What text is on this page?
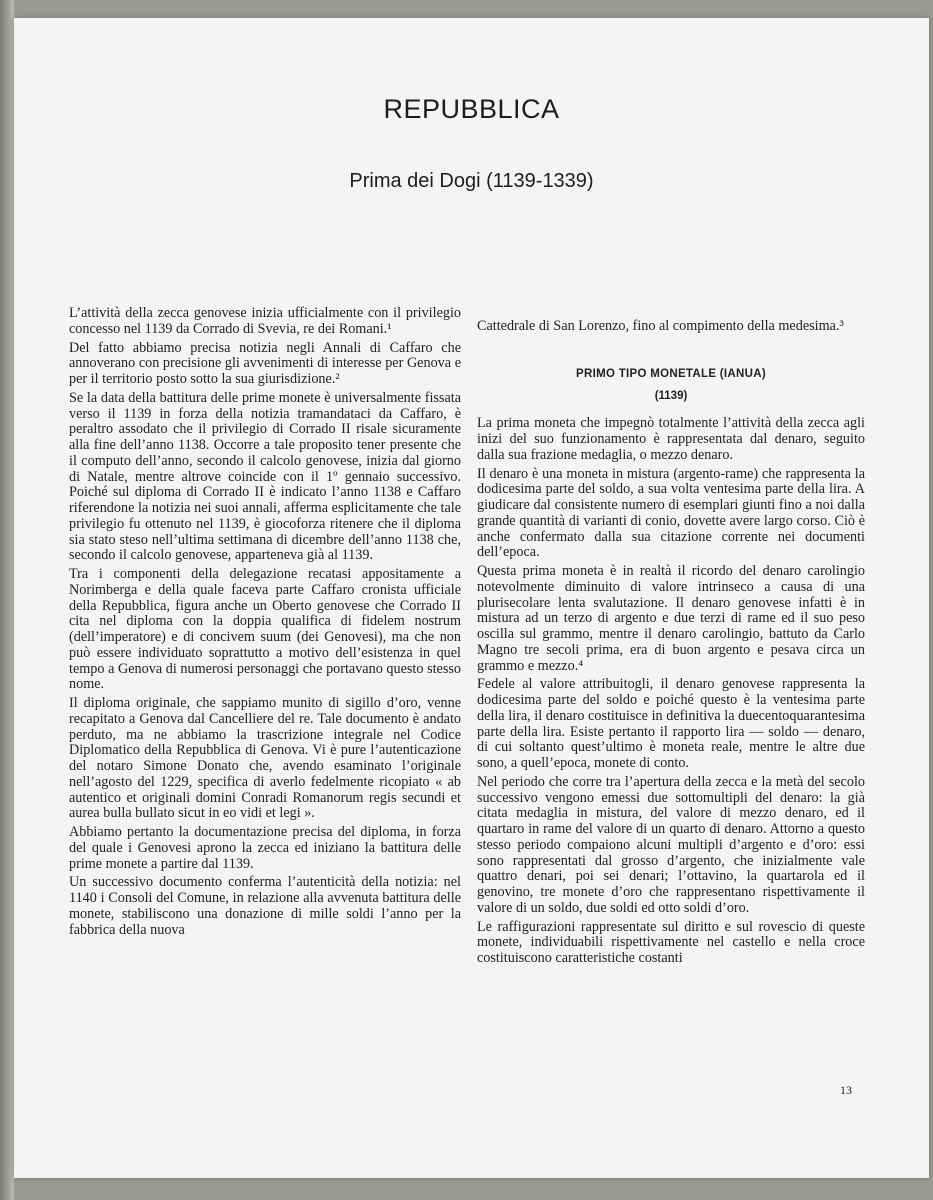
REPUBBLICA
Prima dei Dogi (1139-1339)

L’attività della zecca genovese inizia ufficialmente con il privilegio concesso nel 1139 da Corrado di Svevia, re dei Romani.¹

Del fatto abbiamo precisa notizia negli Annali di Caffaro che annoverano con precisione gli avvenimenti di interesse per Genova e per il territorio posto sotto la sua giurisdizione.²

Se la data della battitura delle prime monete è universalmente fissata verso il 1139 in forza della notizia tramandataci da Caffaro, è peraltro assodato che il privilegio di Corrado II risale sicuramente alla fine dell’anno 1138. Occorre a tale proposito tener presente che il computo dell’anno, secondo il calcolo genovese, inizia dal giorno di Natale, mentre altrove coincide con il 1º gennaio successivo. Poiché sul diploma di Corrado II è indicato l’anno 1138 e Caffaro riferendone la notizia nei suoi annali, afferma esplicitamente che tale privilegio fu ottenuto nel 1139, è giocoforza ritenere che il diploma sia stato steso nell’ultima settimana di dicembre dell’anno 1138 che, secondo il calcolo genovese, apparteneva già al 1139.

Tra i componenti della delegazione recatasi appositamente a Norimberga e della quale faceva parte Caffaro cronista ufficiale della Repubblica, figura anche un Oberto genovese che Corrado II cita nel diploma con la doppia qualifica di fidelem nostrum (dell’imperatore) e di concivem suum (dei Genovesi), ma che non può essere individuato soprattutto a motivo dell’esistenza in quel tempo a Genova di numerosi personaggi che portavano questo stesso nome.

Il diploma originale, che sappiamo munito di sigillo d’oro, venne recapitato a Genova dal Cancelliere del re. Tale documento è andato perduto, ma ne abbiamo la trascrizione integrale nel Codice Diplomatico della Repubblica di Genova. Vi è pure l’autenticazione del notaro Simone Donato che, avendo esaminato l’originale nell’agosto del 1229, specifica di averlo fedelmente ricopiato « ab autentico et originali domini Conradi Romanorum regis secundi et aurea bulla bullato sicut in eo vidi et legi ».

Abbiamo pertanto la documentazione precisa del diploma, in forza del quale i Genovesi aprono la zecca ed iniziano la battitura delle prime monete a partire dal 1139.

Un successivo documento conferma l’autenticità della notizia: nel 1140 i Consoli del Comune, in relazione alla avvenuta battitura delle monete, stabiliscono una donazione di mille soldi l’anno per la fabbrica della nuova

Cattedrale di San Lorenzo, fino al compimento della medesima.³

PRIMO TIPO MONETALE (IANUA)
(1139)

La prima moneta che impegnò totalmente l’attività della zecca agli inizi del suo funzionamento è rappresentata dal denaro, seguito dalla sua frazione medaglia, o mezzo denaro.

Il denaro è una moneta in mistura (argento-rame) che rappresenta la dodicesima parte del soldo, a sua volta ventesima parte della lira. A giudicare dal consistente numero di esemplari giunti fino a noi dalla grande quantità di varianti di conio, dovette avere largo corso. Ciò è anche confermato dalla sua citazione corrente nei documenti dell’epoca.

Questa prima moneta è in realtà il ricordo del denaro carolingio notevolmente diminuito di valore intrinseco a causa di una plurisecolare lenta svalutazione. Il denaro genovese infatti è in mistura ad un terzo di argento e due terzi di rame ed il suo peso oscilla sul grammo, mentre il denaro carolingio, battuto da Carlo Magno tre secoli prima, era di buon argento e pesava circa un grammo e mezzo.⁴

Fedele al valore attribuitogli, il denaro genovese rappresenta la dodicesima parte del soldo e poiché questo è la ventesima parte della lira, il denaro costituisce in definitiva la duecentoquarantesima parte della lira. Esiste pertanto il rapporto lira — soldo — denaro, di cui soltanto quest’ultimo è moneta reale, mentre le altre due sono, a quell’epoca, monete di conto.

Nel periodo che corre tra l’apertura della zecca e la metà del secolo successivo vengono emessi due sottomultipli del denaro: la già citata medaglia in mistura, del valore di mezzo denaro, ed il quartaro in rame del valore di un quarto di denaro. Attorno a questo stesso periodo compaiono alcuni multipli d’argento e d’oro: essi sono rappresentati dal grosso d’argento, che inizialmente vale quattro denari, poi sei denari; l’ottavino, la quartarola ed il genovino, tre monete d’oro che rappresentano rispettivamente il valore di un soldo, due soldi ed otto soldi d’oro.

Le raffigurazioni rappresentate sul diritto e sul rovescio di queste monete, individuabili rispettivamente nel castello e nella croce costituiscono caratteristiche costanti

13
